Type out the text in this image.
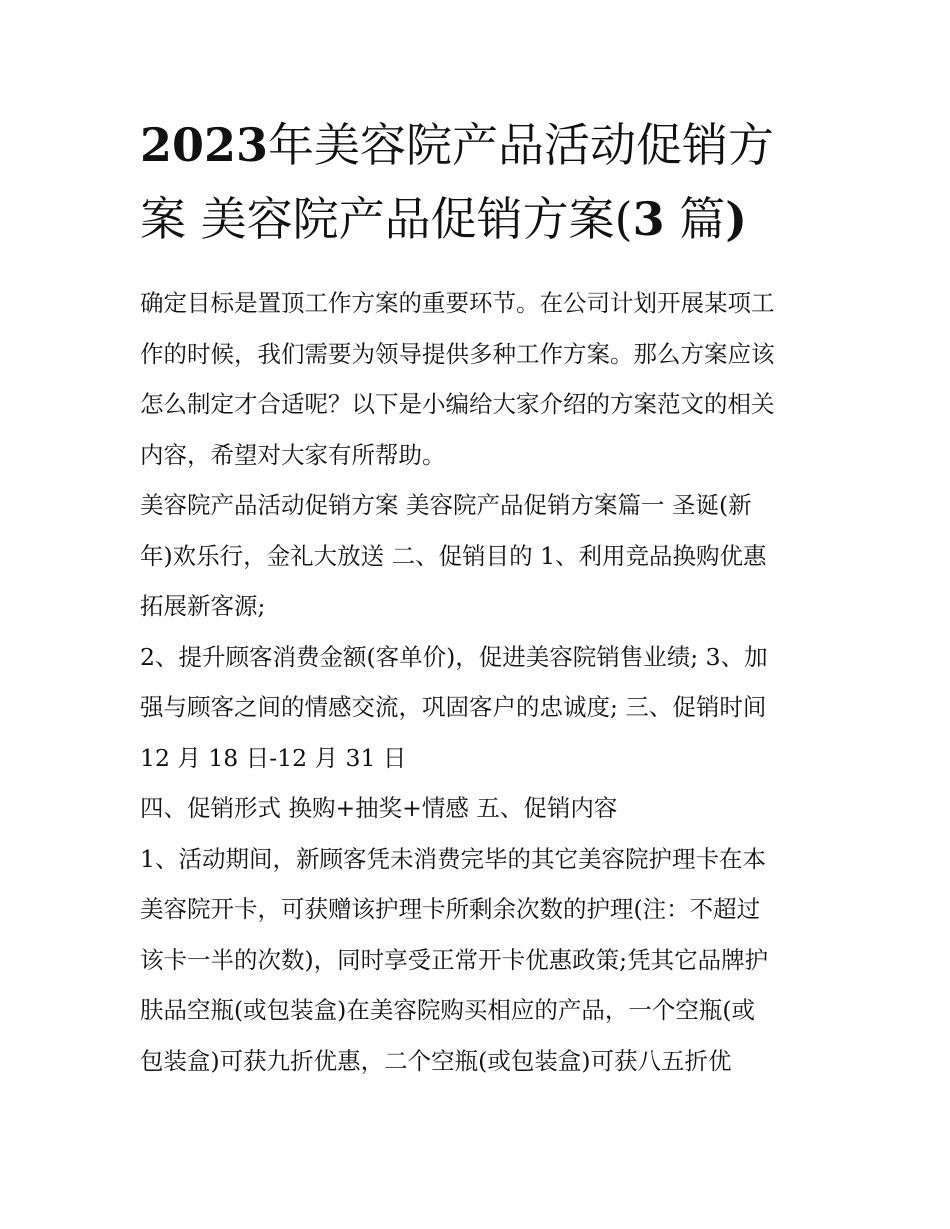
2023年美容院产品活动促销方
案 美容院产品促销方案(3 篇)

确定目标是置顶工作方案的重要环节。在公司计划开展某项工
作的时候，我们需要为领导提供多种工作方案。那么方案应该
怎么制定才合适呢？以下是小编给大家介绍的方案范文的相关
内容，希望对大家有所帮助。

美容院产品活动促销方案 美容院产品促销方案篇一 圣诞(新
年)欢乐行，金礼大放送 二、促销目的 1、利用竞品换购优惠
拓展新客源;

2、提升顾客消费金额(客单价)，促进美容院销售业绩; 3、加
强与顾客之间的情感交流，巩固客户的忠诚度; 三、促销时间
12 月 18 日-12 月 31 日

四、促销形式 换购+抽奖+情感 五、促销内容

1、活动期间，新顾客凭未消费完毕的其它美容院护理卡在本
美容院开卡，可获赠该护理卡所剩余次数的护理(注：不超过
该卡一半的次数)，同时享受正常开卡优惠政策;凭其它品牌护
肤品空瓶(或包装盒)在美容院购买相应的产品，一个空瓶(或
包装盒)可获九折优惠，二个空瓶(或包装盒)可获八五折优
